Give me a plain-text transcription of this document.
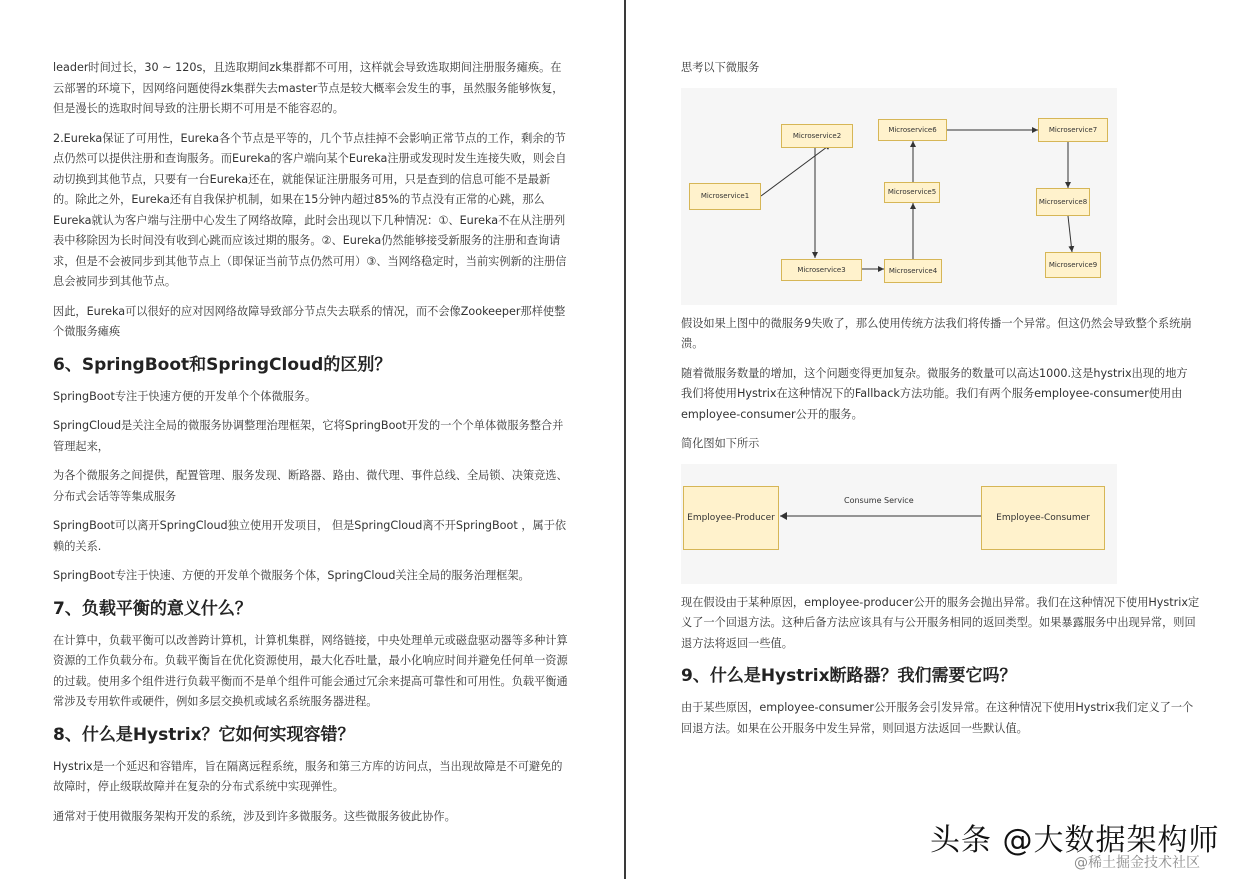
leader时间过长，30 ~ 120s，且选取期间zk集群都不可用，这样就会导致选取期间注册服务瘫痪。在云部署的环境下，因网络问题使得zk集群失去master节点是较大概率会发生的事，虽然服务能够恢复，但是漫长的选取时间导致的注册长期不可用是不能容忍的。

2.Eureka保证了可用性，Eureka各个节点是平等的，几个节点挂掉不会影响正常节点的工作，剩余的节点仍然可以提供注册和查询服务。而Eureka的客户端向某个Eureka注册或发现时发生连接失败，则会自动切换到其他节点，只要有一台Eureka还在，就能保证注册服务可用，只是查到的信息可能不是最新的。除此之外，Eureka还有自我保护机制，如果在15分钟内超过85%的节点没有正常的心跳，那么Eureka就认为客户端与注册中心发生了网络故障，此时会出现以下几种情况：①、Eureka不在从注册列表中移除因为长时间没有收到心跳而应该过期的服务。②、Eureka仍然能够接受新服务的注册和查询请求，但是不会被同步到其他节点上（即保证当前节点仍然可用）③、当网络稳定时，当前实例新的注册信息会被同步到其他节点。

因此，Eureka可以很好的应对因网络故障导致部分节点失去联系的情况，而不会像Zookeeper那样使整个微服务瘫痪

6、SpringBoot和SpringCloud的区别？

SpringBoot专注于快速方便的开发单个个体微服务。

SpringCloud是关注全局的微服务协调整理治理框架，它将SpringBoot开发的一个个单体微服务整合并管理起来，

为各个微服务之间提供，配置管理、服务发现、断路器、路由、微代理、事件总线、全局锁、决策竞选、分布式会话等等集成服务

SpringBoot可以离开SpringCloud独立使用开发项目， 但是SpringCloud离不开SpringBoot ，属于依赖的关系.

SpringBoot专注于快速、方便的开发单个微服务个体，SpringCloud关注全局的服务治理框架。

7、负载平衡的意义什么？

在计算中，负载平衡可以改善跨计算机，计算机集群，网络链接，中央处理单元或磁盘驱动器等多种计算资源的工作负载分布。负载平衡旨在优化资源使用，最大化吞吐量，最小化响应时间并避免任何单一资源 的过载。使用多个组件进行负载平衡而不是单个组件可能会通过冗余来提高可靠性和可用性。负载平衡通常涉及专用软件或硬件，例如多层交换机或域名系统服务器进程。

8、什么是Hystrix？它如何实现容错？

Hystrix是一个延迟和容错库，旨在隔离远程系统，服务和第三方库的访问点，当出现故障是不可避免的故障时，停止级联故障并在复杂的分布式系统中实现弹性。

通常对于使用微服务架构开发的系统，涉及到许多微服务。这些微服务彼此协作。

思考以下微服务

Microservice1
Microservice2
Microservice3	Microservice4
Microservice5
Microservice6	Microservice7
Microservice8
Microservice9

假设如果上图中的微服务9失败了，那么使用传统方法我们将传播一个异常。但这仍然会导致整个系统崩溃。

随着微服务数量的增加，这个问题变得更加复杂。微服务的数量可以高达1000.这是hystrix出现的地方 我们将使用Hystrix在这种情况下的Fallback方法功能。我们有两个服务employee-consumer使用由employee-consumer公开的服务。

简化图如下所示

Employee-Producer	Employee-Consumer
Consume Service

现在假设由于某种原因，employee-producer公开的服务会抛出异常。我们在这种情况下使用Hystrix定义了一个回退方法。这种后备方法应该具有与公开服务相同的返回类型。如果暴露服务中出现异常，则回退方法将返回一些值。

9、什么是Hystrix断路器？我们需要它吗？

由于某些原因，employee-consumer公开服务会引发异常。在这种情况下使用Hystrix我们定义了一个回退方法。如果在公开服务中发生异常，则回退方法返回一些默认值。

头条 @大数据架构师
@稀土掘金技术社区
